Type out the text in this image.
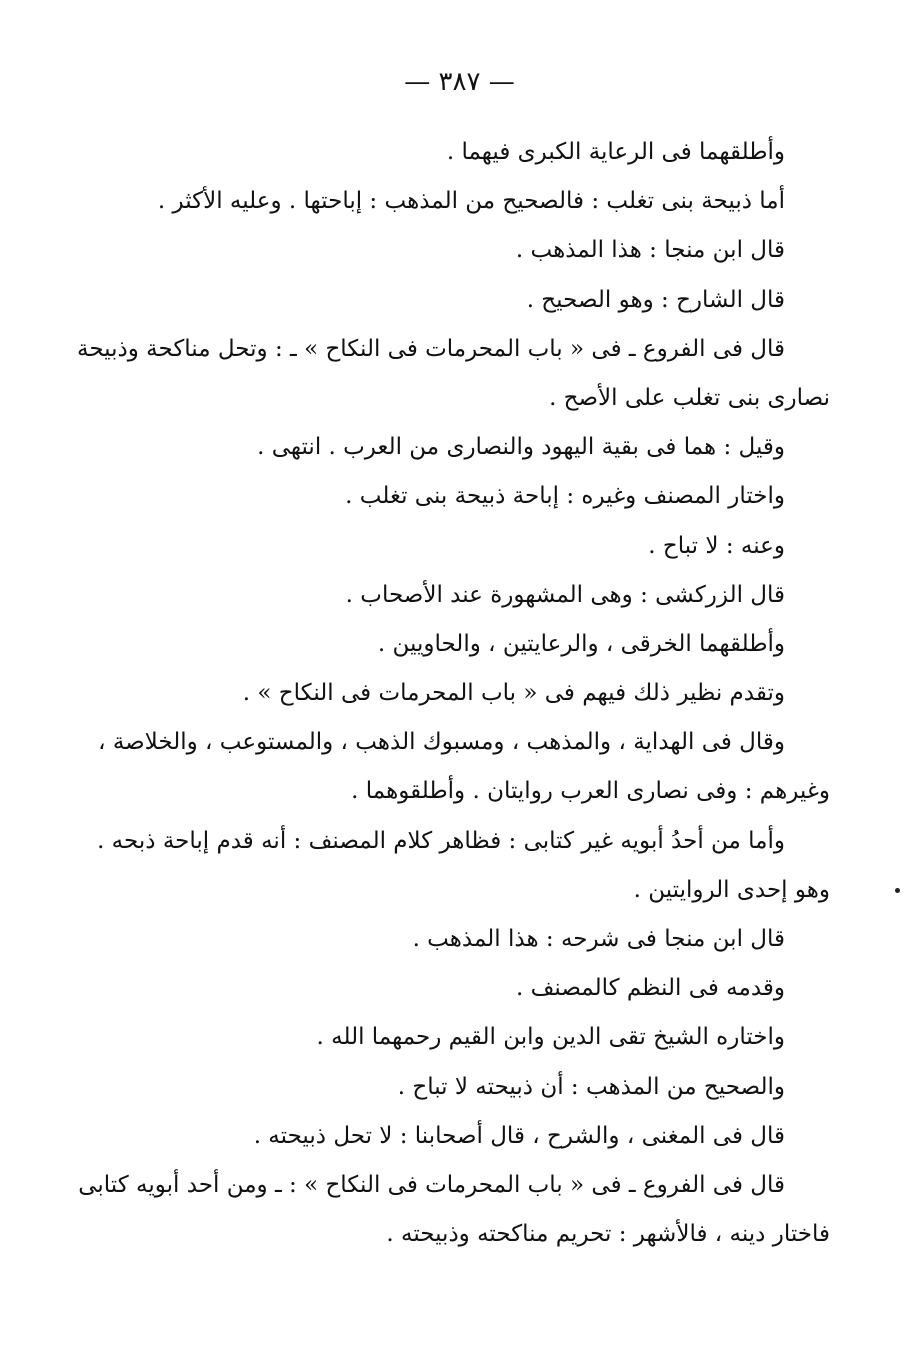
— ٣٨٧ —
وأطلقهما فى الرعاية الكبرى فيهما .
أما ذبيحة بنى تغلب : فالصحيح من المذهب : إباحتها . وعليه الأكثر .
قال ابن منجا : هذا المذهب .
قال الشارح : وهو الصحيح .
قال فى الفروع ـ فى « باب المحرمات فى النكاح » ـ : وتحل مناكحة وذبيحة
نصارى بنى تغلب على الأصح .
وقيل : هما فى بقية اليهود والنصارى من العرب . انتهى .
واختار المصنف وغيره : إباحة ذبيحة بنى تغلب .
وعنه : لا تباح .
قال الزركشى : وهى المشهورة عند الأصحاب .
وأطلقهما الخرقى ، والرعايتين ، والحاويين .
وتقدم نظير ذلك فيهم فى « باب المحرمات فى النكاح » .
وقال فى الهداية ، والمذهب ، ومسبوك الذهب ، والمستوعب ، والخلاصة ،
وغيرهم : وفى نصارى العرب روايتان . وأطلقوهما .
وأما من أحدُ أبويه غير كتابى : فظاهر كلام المصنف : أنه قدم إباحة ذبحه .
وهو إحدى الروايتين .
قال ابن منجا فى شرحه : هذا المذهب .
وقدمه فى النظم كالمصنف .
واختاره الشيخ تقى الدين وابن القيم رحمهما الله .
والصحيح من المذهب : أن ذبيحته لا تباح .
قال فى المغنى ، والشرح ، قال أصحابنا : لا تحل ذبيحته .
قال فى الفروع ـ فى « باب المحرمات فى النكاح » : ـ ومن أحد أبويه كتابى
فاختار دينه ، فالأشهر : تحريم مناكحته وذبيحته .
